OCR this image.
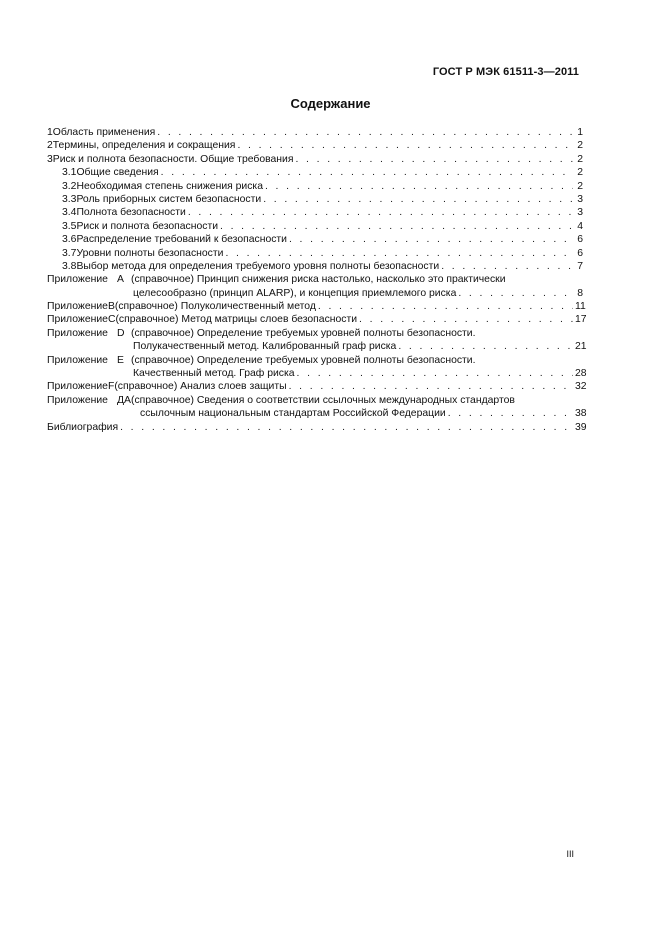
ГОСТ Р МЭК 61511-3—2011
Содержание
1 Область применения . . .	1
2 Термины, определения и сокращения . . .	2
3 Риск и полнота безопасности. Общие требования . . .	2
3.1 Общие сведения . . .	2
3.2 Необходимая степень снижения риска . . .	2
3.3 Роль приборных систем безопасности . . .	3
3.4 Полнота безопасности . . .	3
3.5 Риск и полнота безопасности . . .	4
3.6 Распределение требований к безопасности . . .	6
3.7 Уровни полноты безопасности . . .	6
3.8 Выбор метода для определения требуемого уровня полноты безопасности . . .	7
Приложение А (справочное) Принцип снижения риска настолько, насколько это практически
целесообразно (принцип ALARP), и концепция приемлемого риска . . .	8
Приложение В (справочное) Полуколичественный метод . . .	11
Приложение С (справочное) Метод матрицы слоев безопасности . . .	17
Приложение D (справочное) Определение требуемых уровней полноты безопасности.
Полукачественный метод. Калиброванный граф риска . . .	21
Приложение Е (справочное) Определение требуемых уровней полноты безопасности.
Качественный метод. Граф риска . . .	28
Приложение F (справочное) Анализ слоев защиты . . .	32
Приложение ДА (справочное) Сведения о соответствии ссылочных международных стандартов
ссылочным национальным стандартам Российской Федерации . . .	38
Библиография . . .	39
III
